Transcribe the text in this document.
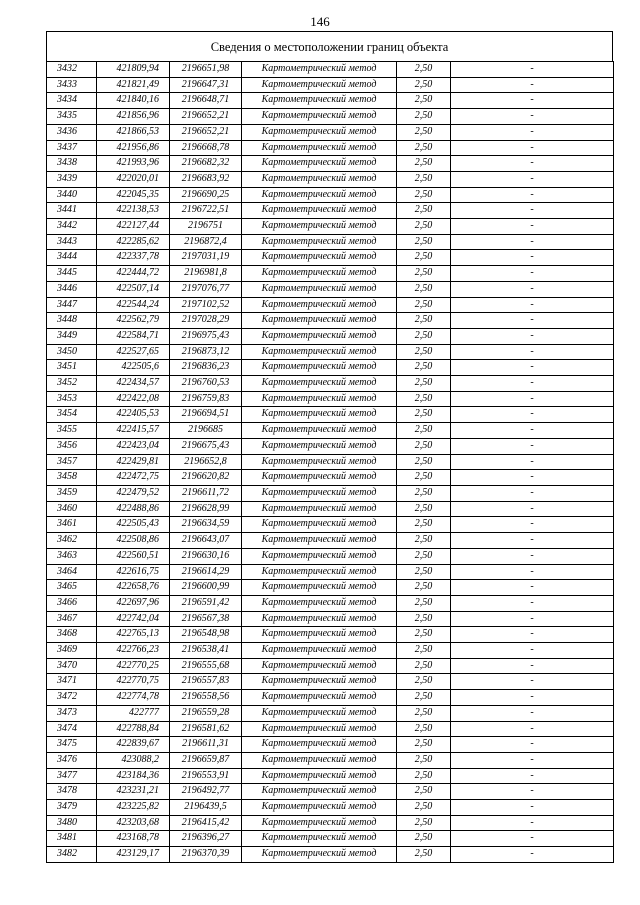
146
Сведения о местоположении границ объекта
3432	421809,94	2196651,98	Картометрический метод	2,50	-
3433	421821,49	2196647,31	Картометрический метод	2,50	-
3434	421840,16	2196648,71	Картометрический метод	2,50	-
3435	421856,96	2196652,21	Картометрический метод	2,50	-
3436	421866,53	2196652,21	Картометрический метод	2,50	-
3437	421956,86	2196668,78	Картометрический метод	2,50	-
3438	421993,96	2196682,32	Картометрический метод	2,50	-
3439	422020,01	2196683,92	Картометрический метод	2,50	-
3440	422045,35	2196690,25	Картометрический метод	2,50	-
3441	422138,53	2196722,51	Картометрический метод	2,50	-
3442	422127,44	2196751	Картометрический метод	2,50	-
3443	422285,62	2196872,4	Картометрический метод	2,50	-
3444	422337,78	2197031,19	Картометрический метод	2,50	-
3445	422444,72	2196981,8	Картометрический метод	2,50	-
3446	422507,14	2197076,77	Картометрический метод	2,50	-
3447	422544,24	2197102,52	Картометрический метод	2,50	-
3448	422562,79	2197028,29	Картометрический метод	2,50	-
3449	422584,71	2196975,43	Картометрический метод	2,50	-
3450	422527,65	2196873,12	Картометрический метод	2,50	-
3451	422505,6	2196836,23	Картометрический метод	2,50	-
3452	422434,57	2196760,53	Картометрический метод	2,50	-
3453	422422,08	2196759,83	Картометрический метод	2,50	-
3454	422405,53	2196694,51	Картометрический метод	2,50	-
3455	422415,57	2196685	Картометрический метод	2,50	-
3456	422423,04	2196675,43	Картометрический метод	2,50	-
3457	422429,81	2196652,8	Картометрический метод	2,50	-
3458	422472,75	2196620,82	Картометрический метод	2,50	-
3459	422479,52	2196611,72	Картометрический метод	2,50	-
3460	422488,86	2196628,99	Картометрический метод	2,50	-
3461	422505,43	2196634,59	Картометрический метод	2,50	-
3462	422508,86	2196643,07	Картометрический метод	2,50	-
3463	422560,51	2196630,16	Картометрический метод	2,50	-
3464	422616,75	2196614,29	Картометрический метод	2,50	-
3465	422658,76	2196600,99	Картометрический метод	2,50	-
3466	422697,96	2196591,42	Картометрический метод	2,50	-
3467	422742,04	2196567,38	Картометрический метод	2,50	-
3468	422765,13	2196548,98	Картометрический метод	2,50	-
3469	422766,23	2196538,41	Картометрический метод	2,50	-
3470	422770,25	2196555,68	Картометрический метод	2,50	-
3471	422770,75	2196557,83	Картометрический метод	2,50	-
3472	422774,78	2196558,56	Картометрический метод	2,50	-
3473	422777	2196559,28	Картометрический метод	2,50	-
3474	422788,84	2196581,62	Картометрический метод	2,50	-
3475	422839,67	2196611,31	Картометрический метод	2,50	-
3476	423088,2	2196659,87	Картометрический метод	2,50	-
3477	423184,36	2196553,91	Картометрический метод	2,50	-
3478	423231,21	2196492,77	Картометрический метод	2,50	-
3479	423225,82	2196439,5	Картометрический метод	2,50	-
3480	423203,68	2196415,42	Картометрический метод	2,50	-
3481	423168,78	2196396,27	Картометрический метод	2,50	-
3482	423129,17	2196370,39	Картометрический метод	2,50	-
